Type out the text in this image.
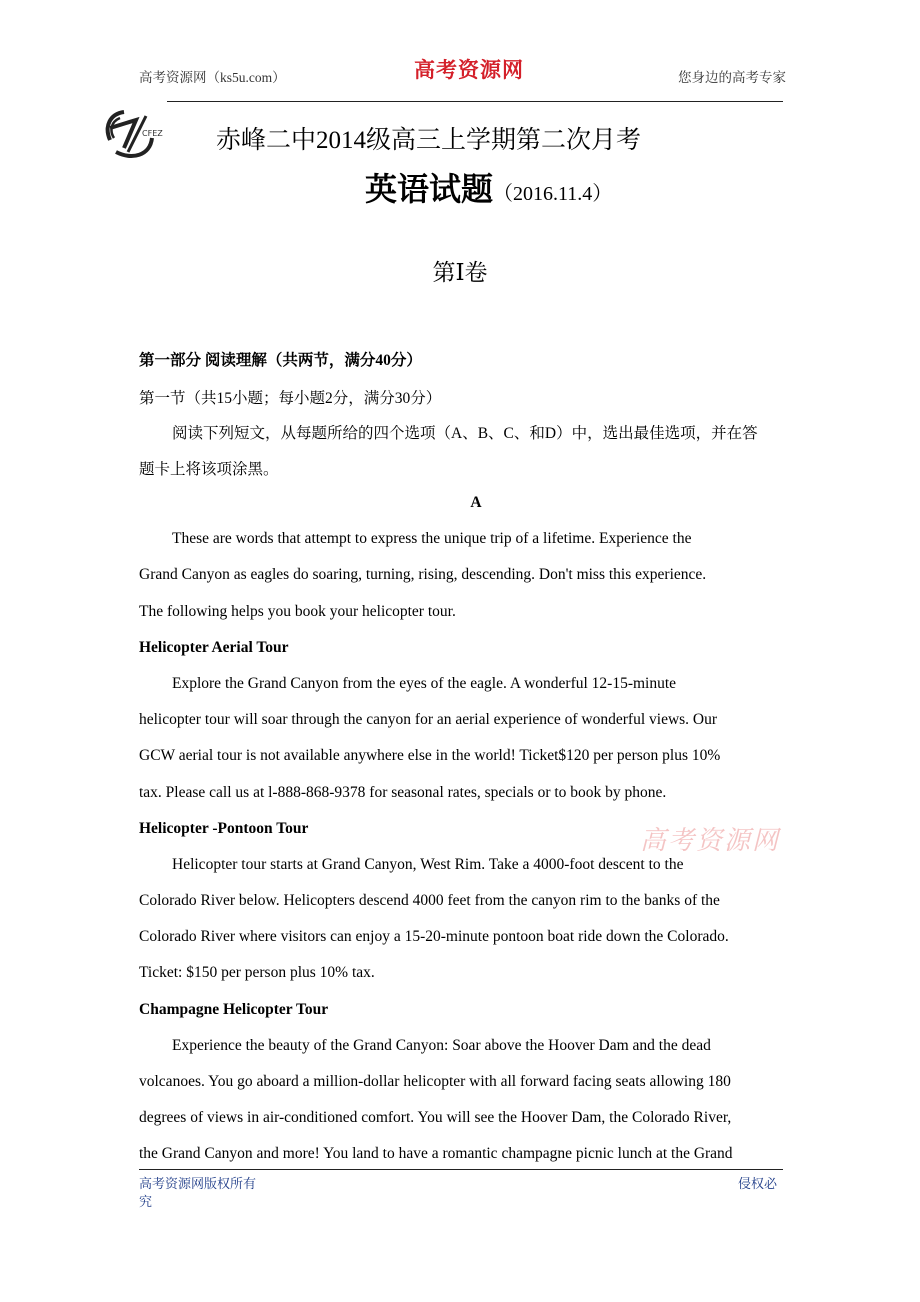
高考资源网（ks5u.com）	高考资源网	您身边的高考专家
CFEZ 赤峰二中2014级高三上学期第二次月考
英语试题（2016.11.4）
第Ⅰ卷
第一部分 阅读理解（共两节，满分40分）
第一节（共15小题；每小题2分，满分30分）
阅读下列短文，从每题所给的四个选项（A、B、C、和D）中，选出最佳选项，并在答
题卡上将该项涂黑。
A
These are words that attempt to express the unique trip of a lifetime. Experience the
Grand Canyon as eagles do soaring, turning, rising, descending. Don't miss this experience.
The following helps you book your helicopter tour.
Helicopter Aerial Tour
Explore the Grand Canyon from the eyes of the eagle. A wonderful 12-15-minute
helicopter tour will soar through the canyon for an aerial experience of wonderful views. Our
GCW aerial tour is not available anywhere else in the world! Ticket$120 per person plus 10%
tax. Please call us at l-888-868-9378 for seasonal rates, specials or to book by phone.
Helicopter -Pontoon Tour
Helicopter tour starts at Grand Canyon, West Rim. Take a 4000-foot descent to the
Colorado River below. Helicopters descend 4000 feet from the canyon rim to the banks of the
Colorado River where visitors can enjoy a 15-20-minute pontoon boat ride down the Colorado.
Ticket: $150 per person plus 10% tax.
Champagne Helicopter Tour
Experience the beauty of the Grand Canyon: Soar above the Hoover Dam and the dead
volcanoes. You go aboard a million-dollar helicopter with all forward facing seats allowing 180
degrees of views in air-conditioned comfort. You will see the Hoover Dam, the Colorado River,
the Grand Canyon and more! You land to have a romantic champagne picnic lunch at the Grand
高考资源网
高考资源网版权所有
究
侵权必
